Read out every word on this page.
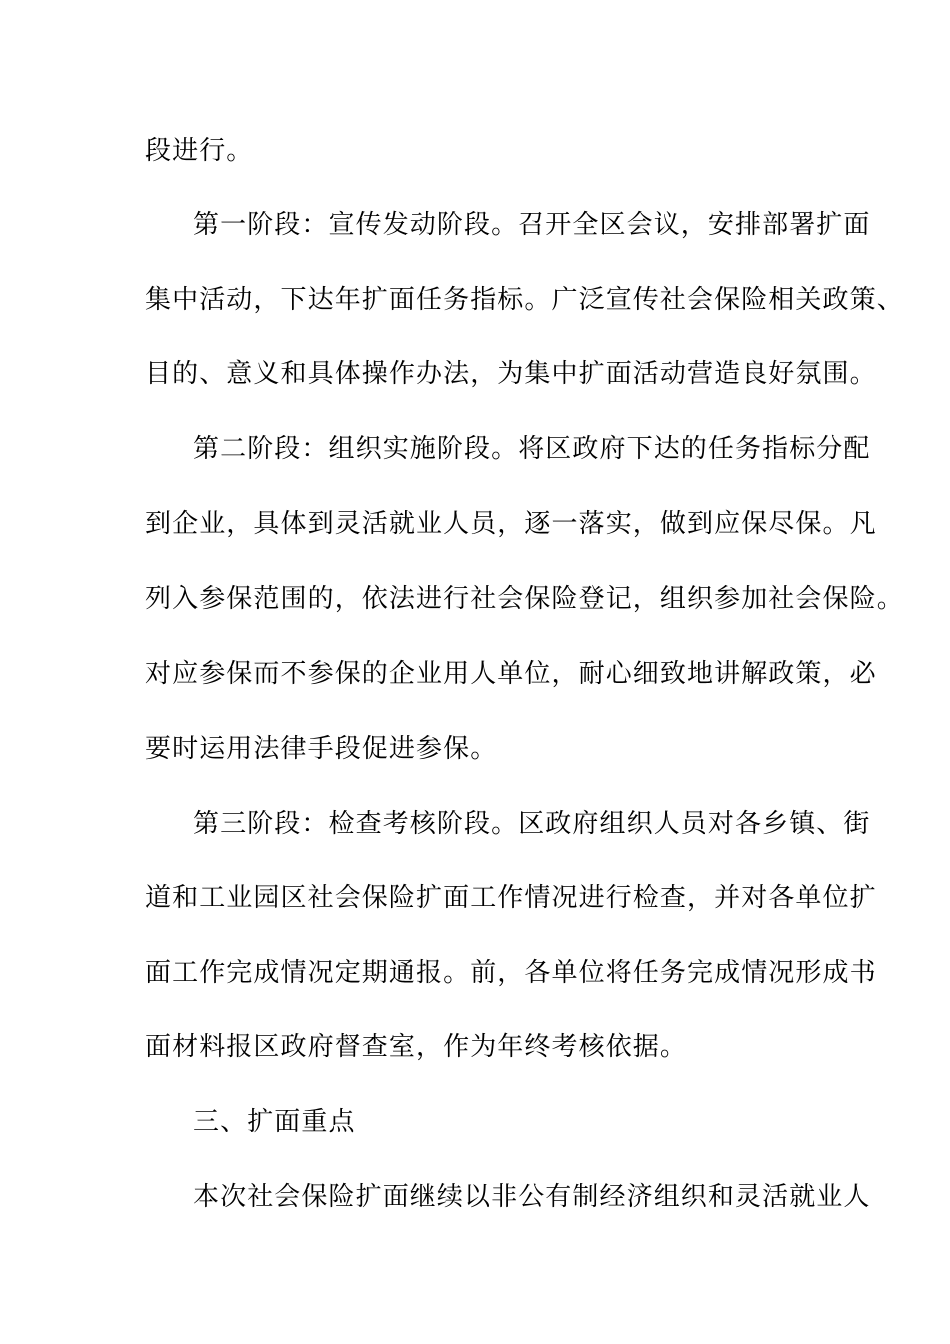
段进行。
第一阶段：宣传发动阶段。召开全区会议，安排部署扩面
集中活动，下达年扩面任务指标。广泛宣传社会保险相关政策、
目的、意义和具体操作办法，为集中扩面活动营造良好氛围。
第二阶段：组织实施阶段。将区政府下达的任务指标分配
到企业，具体到灵活就业人员，逐一落实，做到应保尽保。凡
列入参保范围的，依法进行社会保险登记，组织参加社会保险。
对应参保而不参保的企业用人单位，耐心细致地讲解政策，必
要时运用法律手段促进参保。
第三阶段：检查考核阶段。区政府组织人员对各乡镇、街
道和工业园区社会保险扩面工作情况进行检查，并对各单位扩
面工作完成情况定期通报。前，各单位将任务完成情况形成书
面材料报区政府督查室，作为年终考核依据。
三、扩面重点
本次社会保险扩面继续以非公有制经济组织和灵活就业人
